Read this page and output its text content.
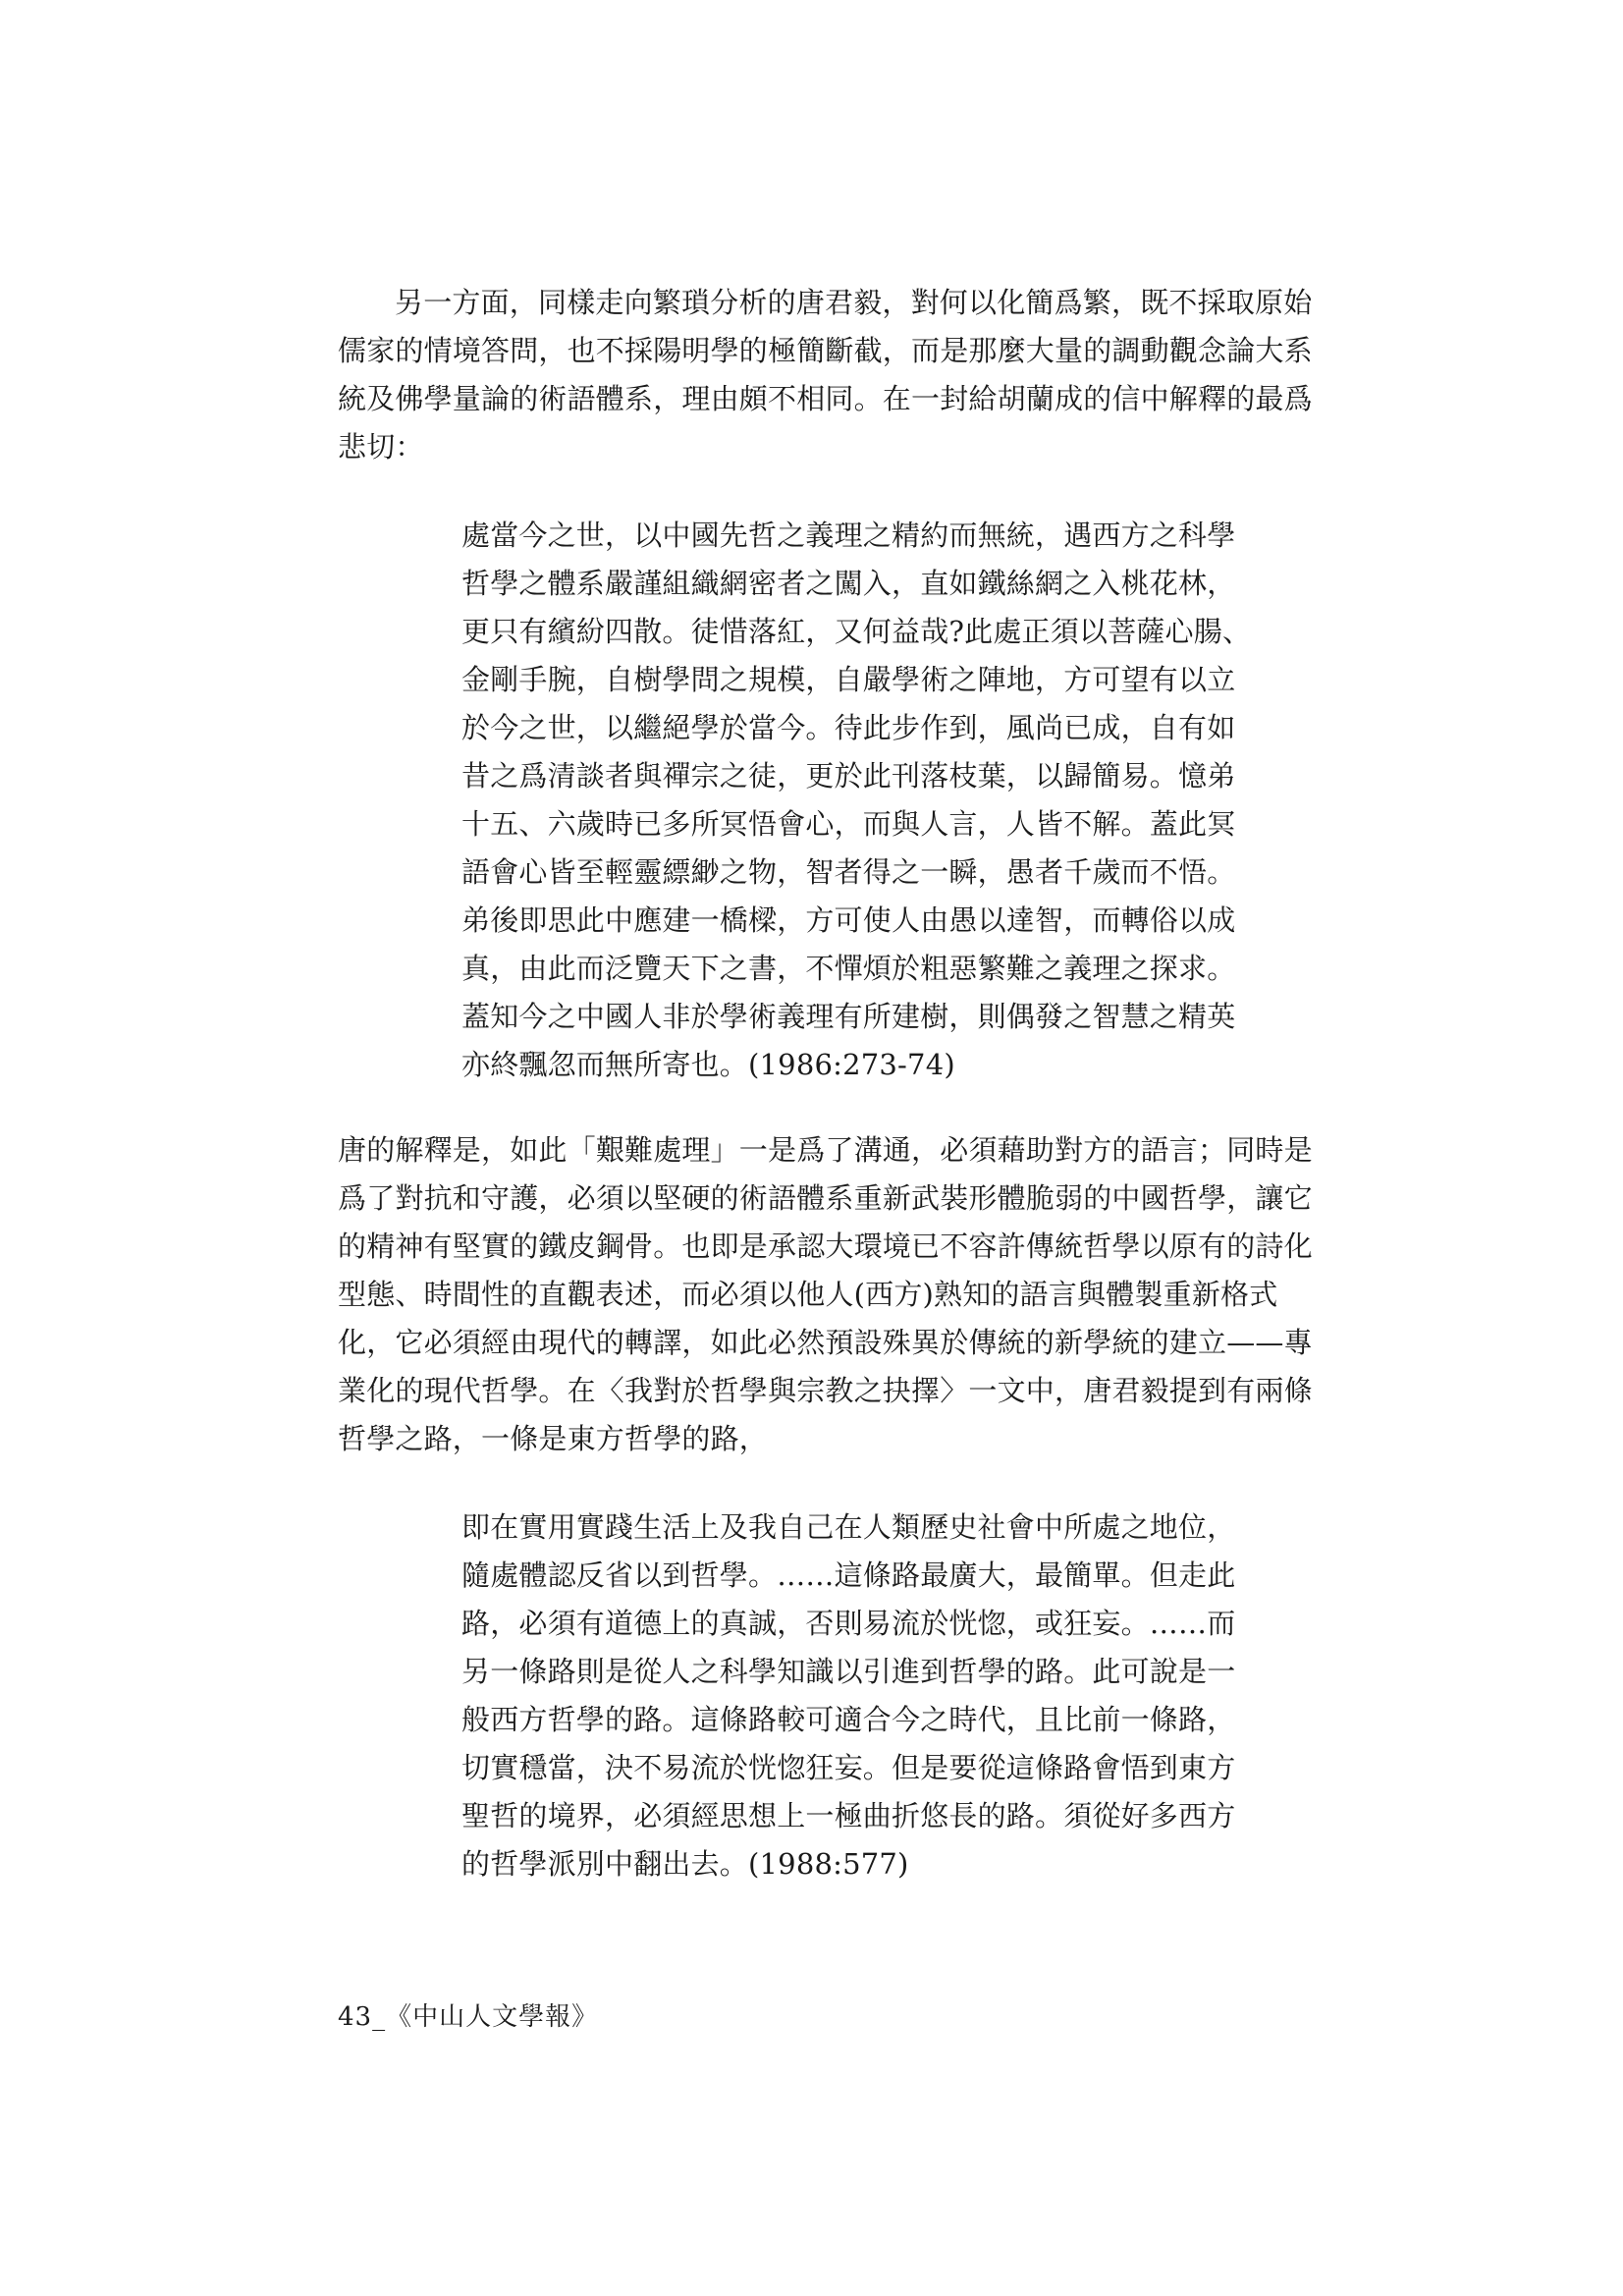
另一方面，同樣走向繁瑣分析的唐君毅，對何以化簡爲繁，既不採取原始
儒家的情境答問，也不採陽明學的極簡斷截，而是那麼大量的調動觀念論大系
統及佛學量論的術語體系，理由頗不相同。在一封給胡蘭成的信中解釋的最爲
悲切：
處當今之世，以中國先哲之義理之精約而無統，遇西方之科學
哲學之體系嚴謹組織網密者之闖入，直如鐵絲網之入桃花林，
更只有繽紛四散。徒惜落紅，又何益哉?此處正須以菩薩心腸、
金剛手腕，自樹學問之規模，自嚴學術之陣地，方可望有以立
於今之世，以繼絕學於當今。待此步作到，風尚已成，自有如
昔之爲清談者與禪宗之徒，更於此刊落枝葉，以歸簡易。憶弟
十五、六歲時已多所冥悟會心，而與人言，人皆不解。蓋此冥
語會心皆至輕靈縹緲之物，智者得之一瞬，愚者千歲而不悟。
弟後即思此中應建一橋樑，方可使人由愚以達智，而轉俗以成
真，由此而泛覽天下之書，不憚煩於粗惡繁難之義理之探求。
蓋知今之中國人非於學術義理有所建樹，則偶發之智慧之精英
亦終飄忽而無所寄也。(1986:273-74)
唐的解釋是，如此「艱難處理」一是爲了溝通，必須藉助對方的語言；同時是
爲了對抗和守護，必須以堅硬的術語體系重新武裝形體脆弱的中國哲學，讓它
的精神有堅實的鐵皮鋼骨。也即是承認大環境已不容許傳統哲學以原有的詩化
型態、時間性的直觀表述，而必須以他人(西方)熟知的語言與體製重新格式
化，它必須經由現代的轉譯，如此必然預設殊異於傳統的新學統的建立——專
業化的現代哲學。在〈我對於哲學與宗教之抉擇〉一文中，唐君毅提到有兩條
哲學之路，一條是東方哲學的路，
即在實用實踐生活上及我自己在人類歷史社會中所處之地位，
隨處體認反省以到哲學。……這條路最廣大，最簡單。但走此
路，必須有道德上的真誠，否則易流於恍惚，或狂妄。……而
另一條路則是從人之科學知識以引進到哲學的路。此可說是一
般西方哲學的路。這條路較可適合今之時代，且比前一條路，
切實穩當，決不易流於恍惚狂妄。但是要從這條路會悟到東方
聖哲的境界，必須經思想上一極曲折悠長的路。須從好多西方
的哲學派別中翻出去。(1988:577)
43_《中山人文學報》
